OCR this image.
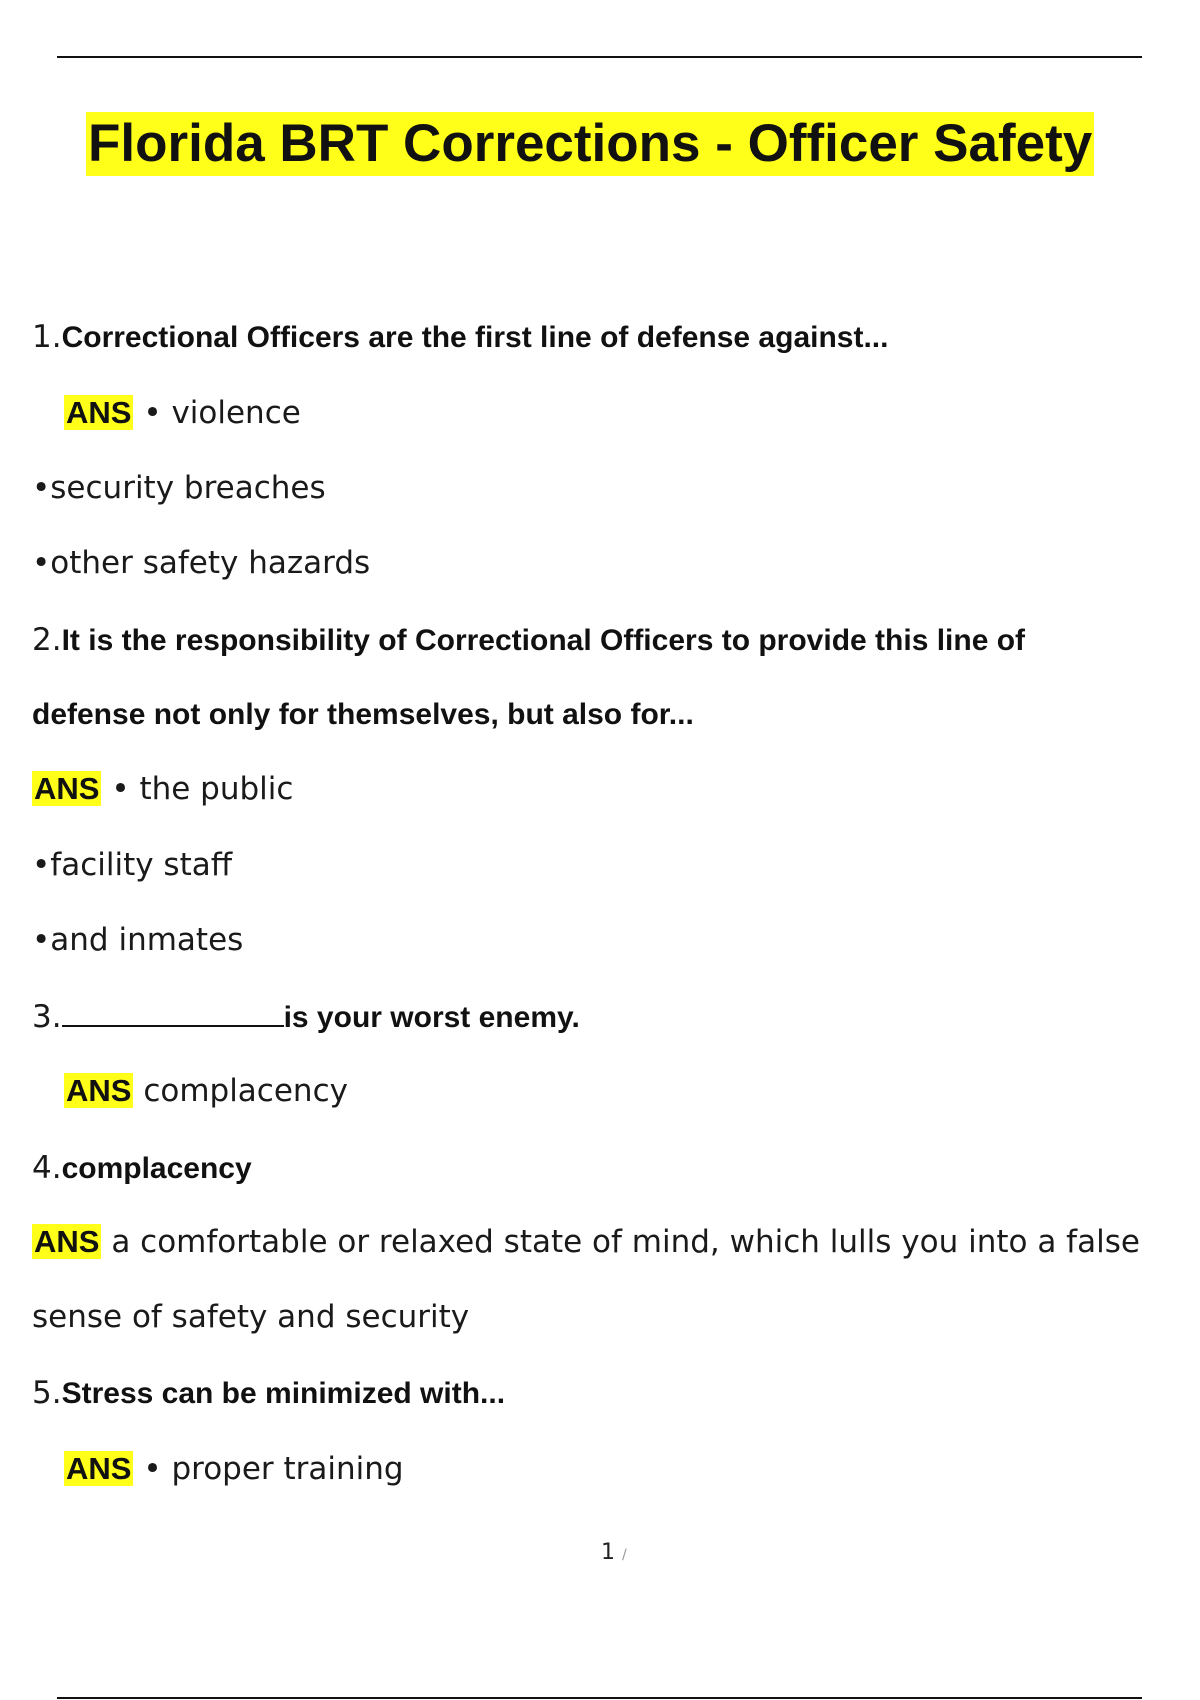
Florida BRT Corrections - Officer Safety
1.Correctional Officers are the first line of defense against...
ANS • violence
•security breaches
•other safety hazards
2.It is the responsibility of Correctional Officers to provide this line of
defense not only for themselves, but also for...
ANS • the public
•facility staff
•and inmates
3.	is your worst enemy.
ANS complacency
4.complacency
ANS a comfortable or relaxed state of mind, which lulls you into a false
sense of safety and security
5.Stress can be minimized with...
ANS • proper training
1 /
